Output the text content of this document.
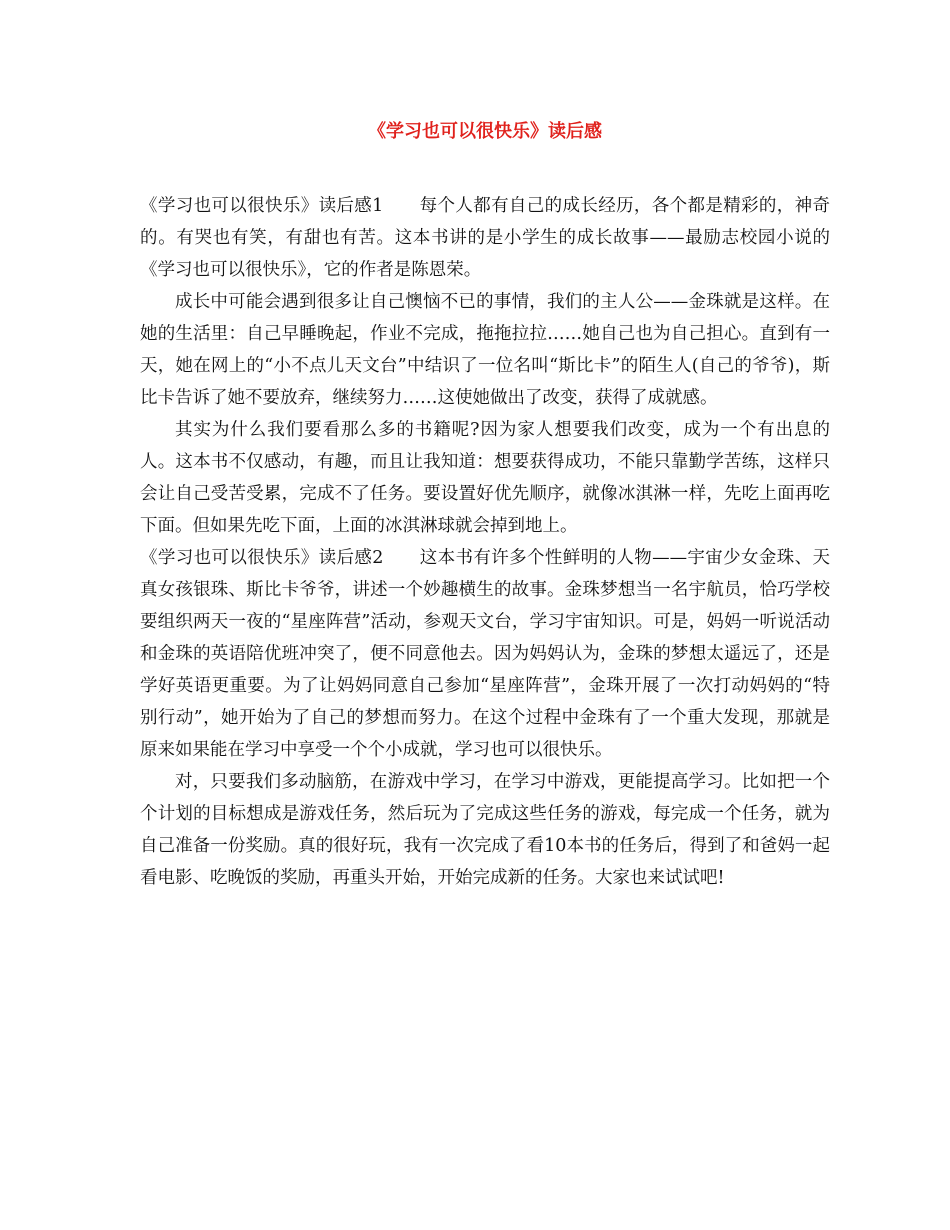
《学习也可以很快乐》读后感

《学习也可以很快乐》读后感1 每个人都有自己的成长经历，各个都是精彩的，神奇的。有哭也有笑，有甜也有苦。这本书讲的是小学生的成长故事——最励志校园小说的《学习也可以很快乐》，它的作者是陈恩荣。

成长中可能会遇到很多让自己懊恼不已的事情，我们的主人公——金珠就是这样。在她的生活里：自己早睡晚起，作业不完成，拖拖拉拉……她自己也为自己担心。直到有一天，她在网上的“小不点儿天文台”中结识了一位名叫“斯比卡”的陌生人(自己的爷爷)，斯比卡告诉了她不要放弃，继续努力……这使她做出了改变，获得了成就感。

其实为什么我们要看那么多的书籍呢?因为家人想要我们改变，成为一个有出息的人。这本书不仅感动，有趣，而且让我知道：想要获得成功，不能只靠勤学苦练，这样只会让自己受苦受累，完成不了任务。要设置好优先顺序，就像冰淇淋一样，先吃上面再吃下面。但如果先吃下面，上面的冰淇淋球就会掉到地上。

《学习也可以很快乐》读后感2 这本书有许多个性鲜明的人物——宇宙少女金珠、天真女孩银珠、斯比卡爷爷，讲述一个妙趣横生的故事。金珠梦想当一名宇航员，恰巧学校要组织两天一夜的“星座阵营”活动，参观天文台，学习宇宙知识。可是，妈妈一听说活动和金珠的英语陪优班冲突了，便不同意他去。因为妈妈认为，金珠的梦想太遥远了，还是学好英语更重要。为了让妈妈同意自己参加“星座阵营”，金珠开展了一次打动妈妈的“特别行动”，她开始为了自己的梦想而努力。在这个过程中金珠有了一个重大发现，那就是原来如果能在学习中享受一个个小成就，学习也可以很快乐。

对，只要我们多动脑筋，在游戏中学习，在学习中游戏，更能提高学习。比如把一个个计划的目标想成是游戏任务，然后玩为了完成这些任务的游戏，每完成一个任务，就为自己准备一份奖励。真的很好玩，我有一次完成了看10本书的任务后，得到了和爸妈一起看电影、吃晚饭的奖励，再重头开始，开始完成新的任务。大家也来试试吧!
